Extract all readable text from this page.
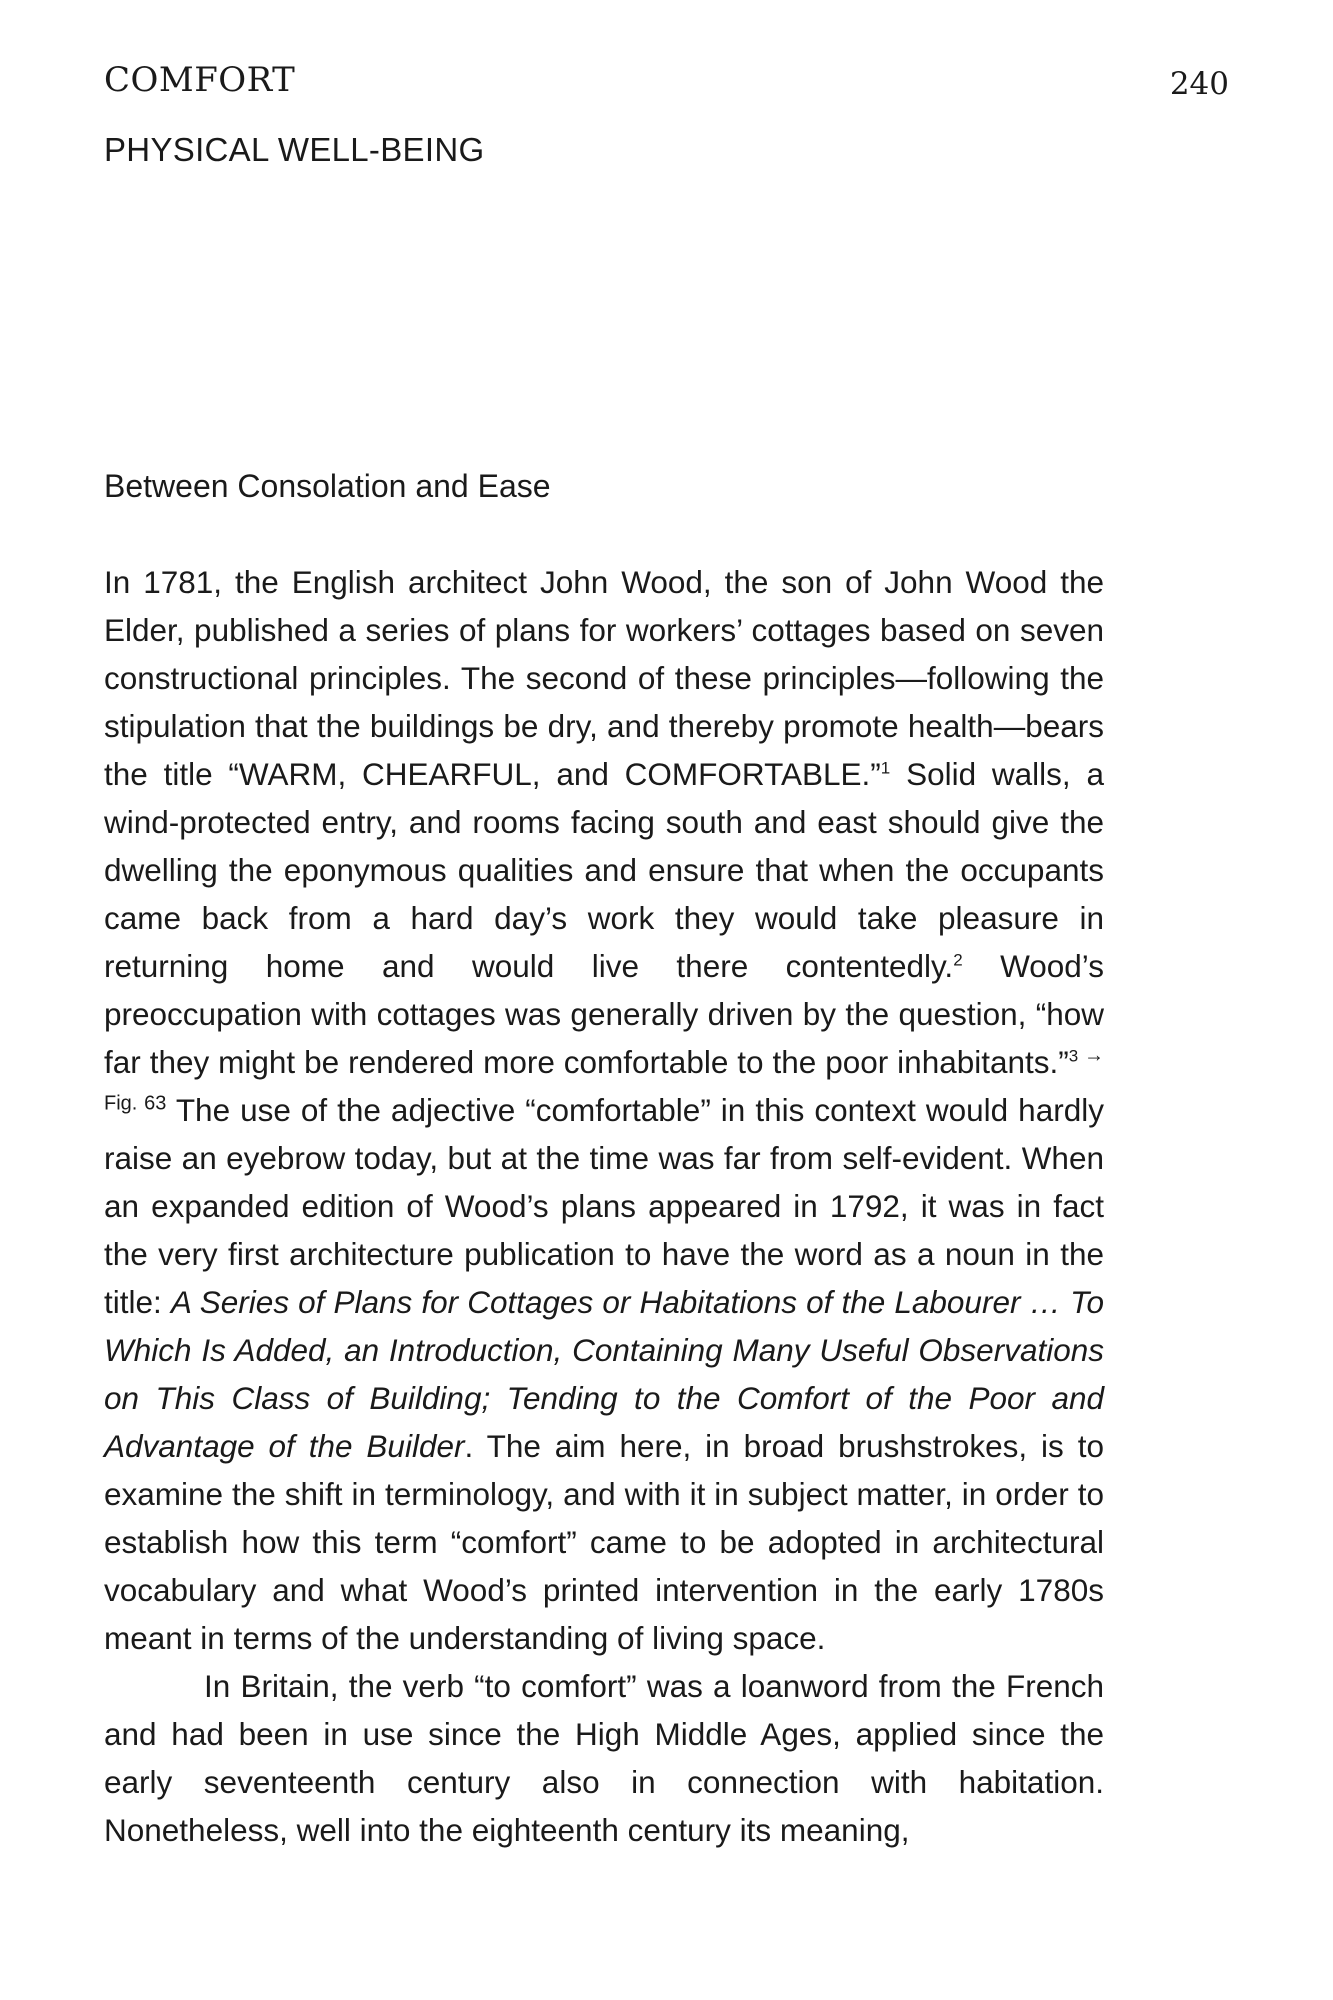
COMFORT	240
PHYSICAL WELL-BEING
Between Consolation and Ease

In 1781, the English architect John Wood, the son of John Wood the Elder, published a series of plans for workers’ cottages based on seven constructional principles. The second of these principles—following the stipulation that the buildings be dry, and thereby promote health—bears the title “WARM, CHEARFUL, and COMFORTABLE.”$^1$ Solid walls, a wind-protected entry, and rooms facing south and east should give the dwelling the eponymous qualities and ensure that when the occupants came back from a hard day’s work they would take pleasure in returning home and would live there contentedly.$^2$ Wood’s preoccupation with cottages was generally driven by the question, “how far they might be rendered more comfortable to the poor inhabitants.”$^3$ $^{\to Fig. 63}$ The use of the adjective “comfortable” in this context would hardly raise an eyebrow today, but at the time was far from self-evident. When an expanded edition of Wood’s plans appeared in 1792, it was in fact the very first architecture publication to have the word as a noun in the title: A Series of Plans for Cottages or Habitations of the Labourer … To Which Is Added, an Introduction, Containing Many Useful Observations on This Class of Building; Tending to the Comfort of the Poor and Advantage of the Builder. The aim here, in broad brushstrokes, is to examine the shift in terminology, and with it in subject matter, in order to establish how this term “comfort” came to be adopted in architectural vocabulary and what Wood’s printed intervention in the early 1780s meant in terms of the understanding of living space.

In Britain, the verb “to comfort” was a loanword from the French and had been in use since the High Middle Ages, applied since the early seventeenth century also in connection with habitation. Nonetheless, well into the eighteenth century its meaning,
